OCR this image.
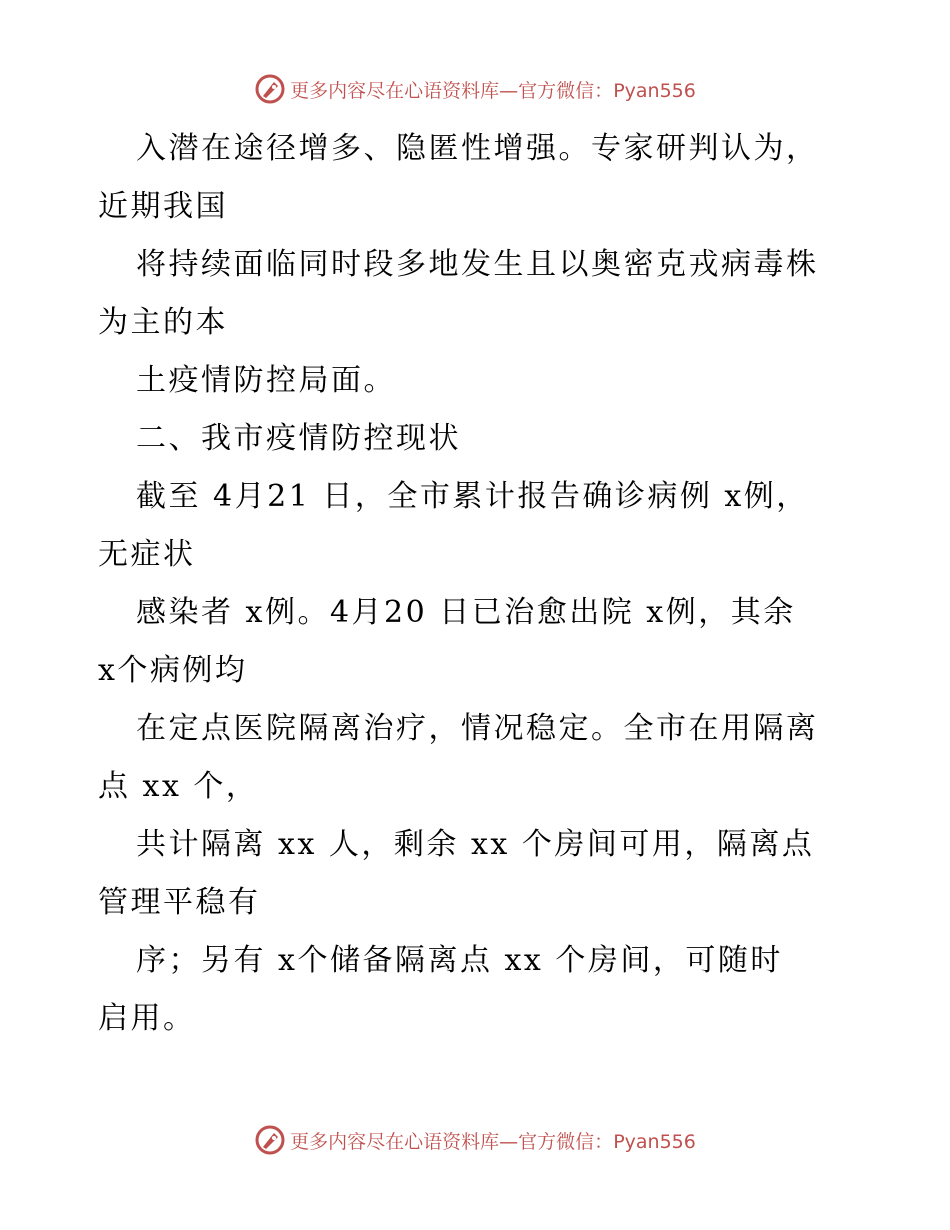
更多内容尽在心语资料库—官方微信：Pyan556
入潜在途径增多、隐匿性增强。专家研判认为，
近期我国
将持续面临同时段多地发生且以奥密克戎病毒株
为主的本
土疫情防控局面。
二、我市疫情防控现状
截至 4月21 日，全市累计报告确诊病例 x例，
无症状
感染者 x例。4月20 日已治愈出院 x例，其余
x个病例均
在定点医院隔离治疗，情况稳定。全市在用隔离
点 xx 个，
共计隔离 xx 人，剩余 xx 个房间可用，隔离点
管理平稳有
序；另有 x个储备隔离点 xx 个房间，可随时
启用。
更多内容尽在心语资料库—官方微信：Pyan556
